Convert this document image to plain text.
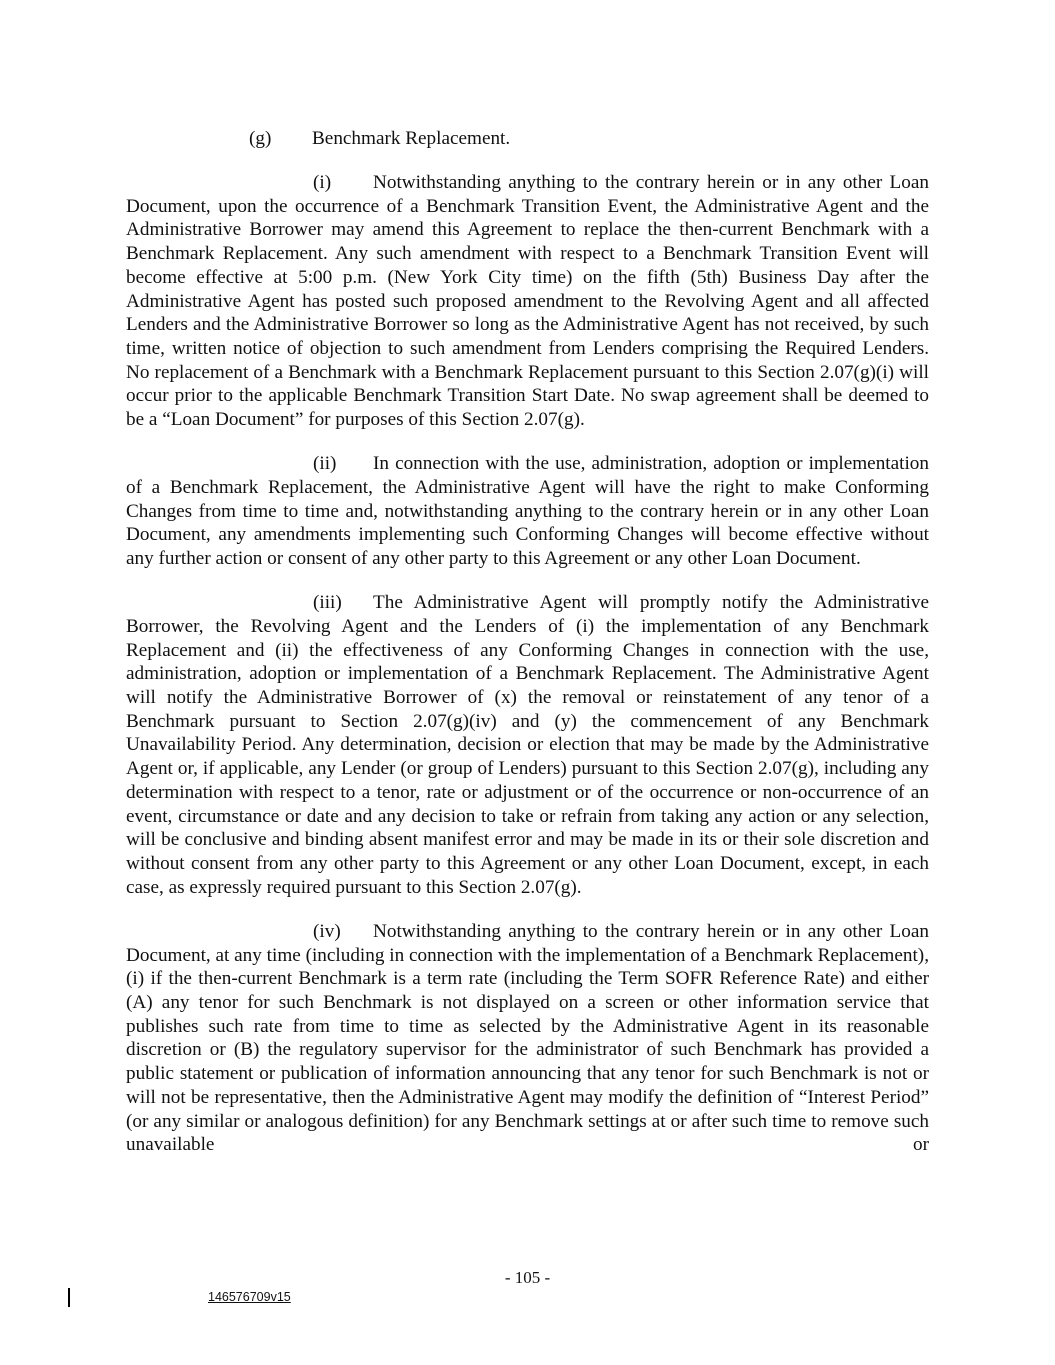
(g) Benchmark Replacement.

(i) Notwithstanding anything to the contrary herein or in any other Loan Document, upon the occurrence of a Benchmark Transition Event, the Administrative Agent and the Administrative Borrower may amend this Agreement to replace the then-current Benchmark with a Benchmark Replacement. Any such amendment with respect to a Benchmark Transition Event will become effective at 5:00 p.m. (New York City time) on the fifth (5th) Business Day after the Administrative Agent has posted such proposed amendment to the Revolving Agent and all affected Lenders and the Administrative Borrower so long as the Administrative Agent has not received, by such time, written notice of objection to such amendment from Lenders comprising the Required Lenders. No replacement of a Benchmark with a Benchmark Replacement pursuant to this Section 2.07(g)(i) will occur prior to the applicable Benchmark Transition Start Date. No swap agreement shall be deemed to be a “Loan Document” for purposes of this Section 2.07(g).

(ii) In connection with the use, administration, adoption or implementation of a Benchmark Replacement, the Administrative Agent will have the right to make Conforming Changes from time to time and, notwithstanding anything to the contrary herein or in any other Loan Document, any amendments implementing such Conforming Changes will become effective without any further action or consent of any other party to this Agreement or any other Loan Document.

(iii) The Administrative Agent will promptly notify the Administrative Borrower, the Revolving Agent and the Lenders of (i) the implementation of any Benchmark Replacement and (ii) the effectiveness of any Conforming Changes in connection with the use, administration, adoption or implementation of a Benchmark Replacement. The Administrative Agent will notify the Administrative Borrower of (x) the removal or reinstatement of any tenor of a Benchmark pursuant to Section 2.07(g)(iv) and (y) the commencement of any Benchmark Unavailability Period. Any determination, decision or election that may be made by the Administrative Agent or, if applicable, any Lender (or group of Lenders) pursuant to this Section 2.07(g), including any determination with respect to a tenor, rate or adjustment or of the occurrence or non-occurrence of an event, circumstance or date and any decision to take or refrain from taking any action or any selection, will be conclusive and binding absent manifest error and may be made in its or their sole discretion and without consent from any other party to this Agreement or any other Loan Document, except, in each case, as expressly required pursuant to this Section 2.07(g).

(iv) Notwithstanding anything to the contrary herein or in any other Loan Document, at any time (including in connection with the implementation of a Benchmark Replacement), (i) if the then-current Benchmark is a term rate (including the Term SOFR Reference Rate) and either (A) any tenor for such Benchmark is not displayed on a screen or other information service that publishes such rate from time to time as selected by the Administrative Agent in its reasonable discretion or (B) the regulatory supervisor for the administrator of such Benchmark has provided a public statement or publication of information announcing that any tenor for such Benchmark is not or will not be representative, then the Administrative Agent may modify the definition of “Interest Period” (or any similar or analogous definition) for any Benchmark settings at or after such time to remove such unavailable or

- 105 -
146576709v15
